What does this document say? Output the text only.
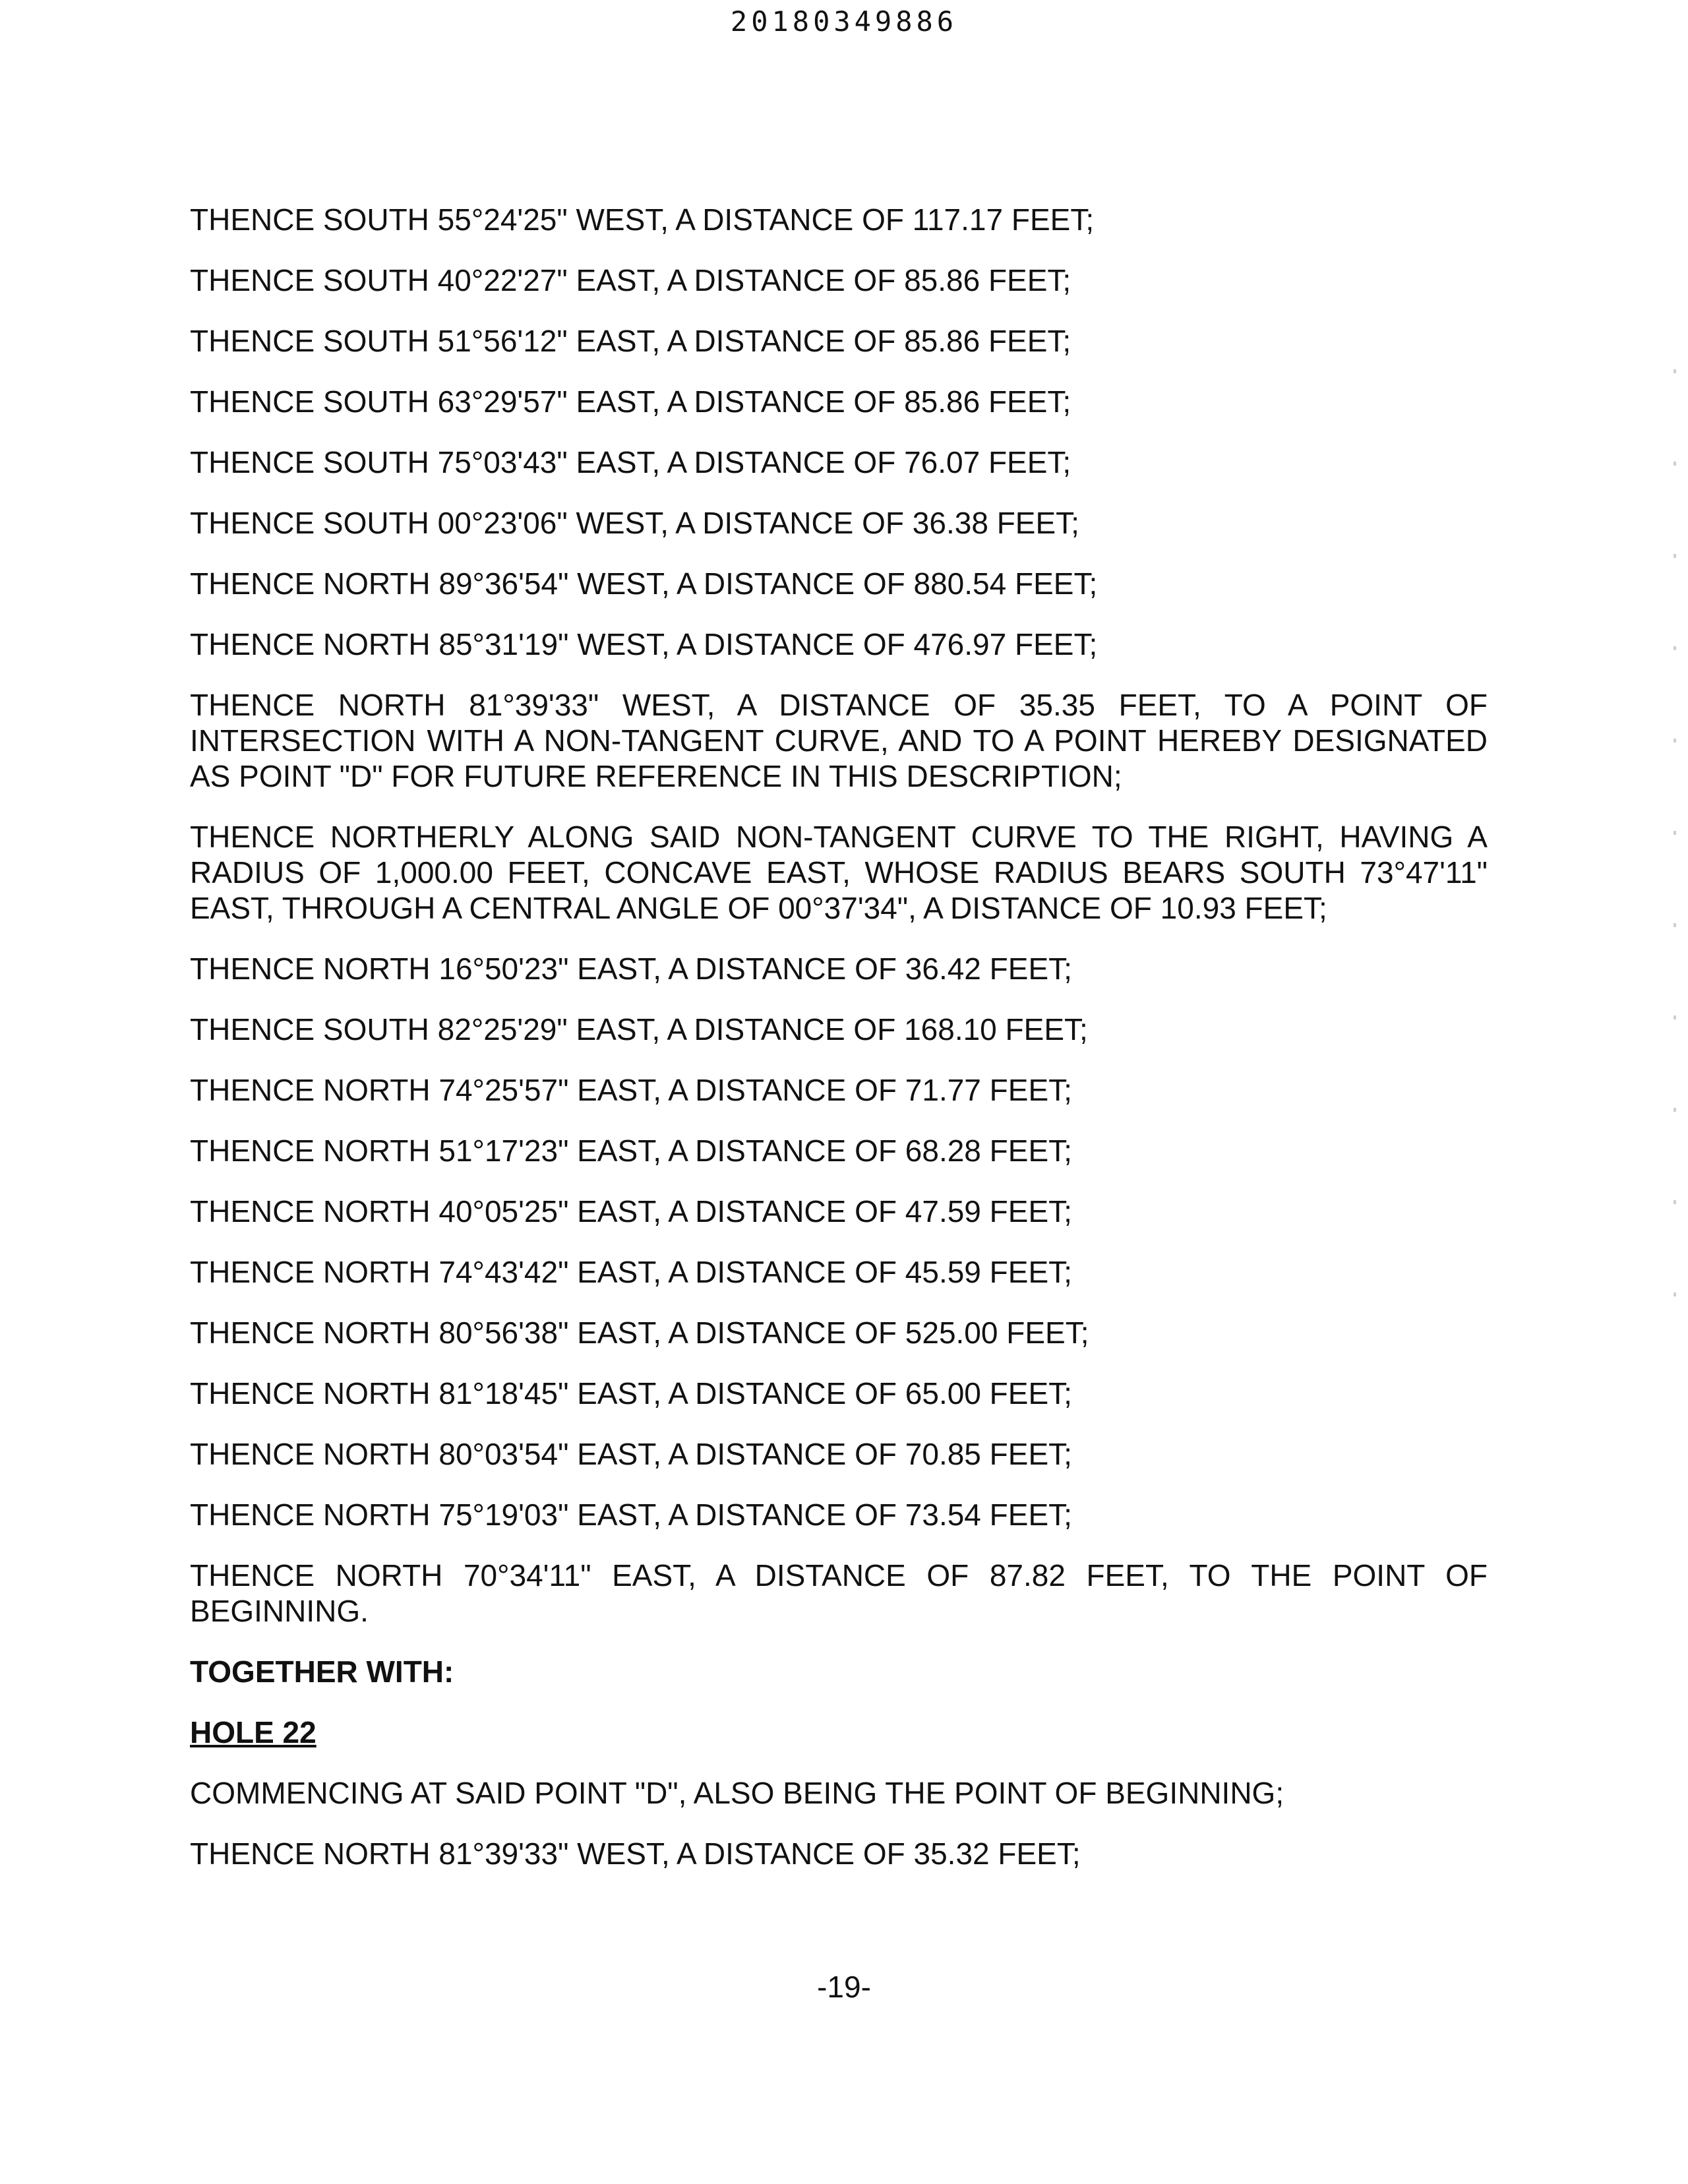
20180349886

THENCE SOUTH 55°24'25" WEST, A DISTANCE OF 117.17 FEET;

THENCE SOUTH 40°22'27" EAST, A DISTANCE OF 85.86 FEET;

THENCE SOUTH 51°56'12" EAST, A DISTANCE OF 85.86 FEET;

THENCE SOUTH 63°29'57" EAST, A DISTANCE OF 85.86 FEET;

THENCE SOUTH 75°03'43" EAST, A DISTANCE OF 76.07 FEET;

THENCE SOUTH 00°23'06" WEST, A DISTANCE OF 36.38 FEET;

THENCE NORTH 89°36'54" WEST, A DISTANCE OF 880.54 FEET;

THENCE NORTH 85°31'19" WEST, A DISTANCE OF 476.97 FEET;

THENCE NORTH 81°39'33" WEST, A DISTANCE OF 35.35 FEET, TO A POINT OF INTERSECTION WITH A NON-TANGENT CURVE, AND TO A POINT HEREBY DESIGNATED AS POINT "D" FOR FUTURE REFERENCE IN THIS DESCRIPTION;

THENCE NORTHERLY ALONG SAID NON-TANGENT CURVE TO THE RIGHT, HAVING A RADIUS OF 1,000.00 FEET, CONCAVE EAST, WHOSE RADIUS BEARS SOUTH 73°47'11" EAST, THROUGH A CENTRAL ANGLE OF 00°37'34", A DISTANCE OF 10.93 FEET;

THENCE NORTH 16°50'23" EAST, A DISTANCE OF 36.42 FEET;

THENCE SOUTH 82°25'29" EAST, A DISTANCE OF 168.10 FEET;

THENCE NORTH 74°25'57" EAST, A DISTANCE OF 71.77 FEET;

THENCE NORTH 51°17'23" EAST, A DISTANCE OF 68.28 FEET;

THENCE NORTH 40°05'25" EAST, A DISTANCE OF 47.59 FEET;

THENCE NORTH 74°43'42" EAST, A DISTANCE OF 45.59 FEET;

THENCE NORTH 80°56'38" EAST, A DISTANCE OF 525.00 FEET;

THENCE NORTH 81°18'45" EAST, A DISTANCE OF 65.00 FEET;

THENCE NORTH 80°03'54" EAST, A DISTANCE OF 70.85 FEET;

THENCE NORTH 75°19'03" EAST, A DISTANCE OF 73.54 FEET;

THENCE NORTH 70°34'11" EAST, A DISTANCE OF 87.82 FEET, TO THE POINT OF BEGINNING.

TOGETHER WITH:

HOLE 22

COMMENCING AT SAID POINT "D", ALSO BEING THE POINT OF BEGINNING;

THENCE NORTH 81°39'33" WEST, A DISTANCE OF 35.32 FEET;

-19-
